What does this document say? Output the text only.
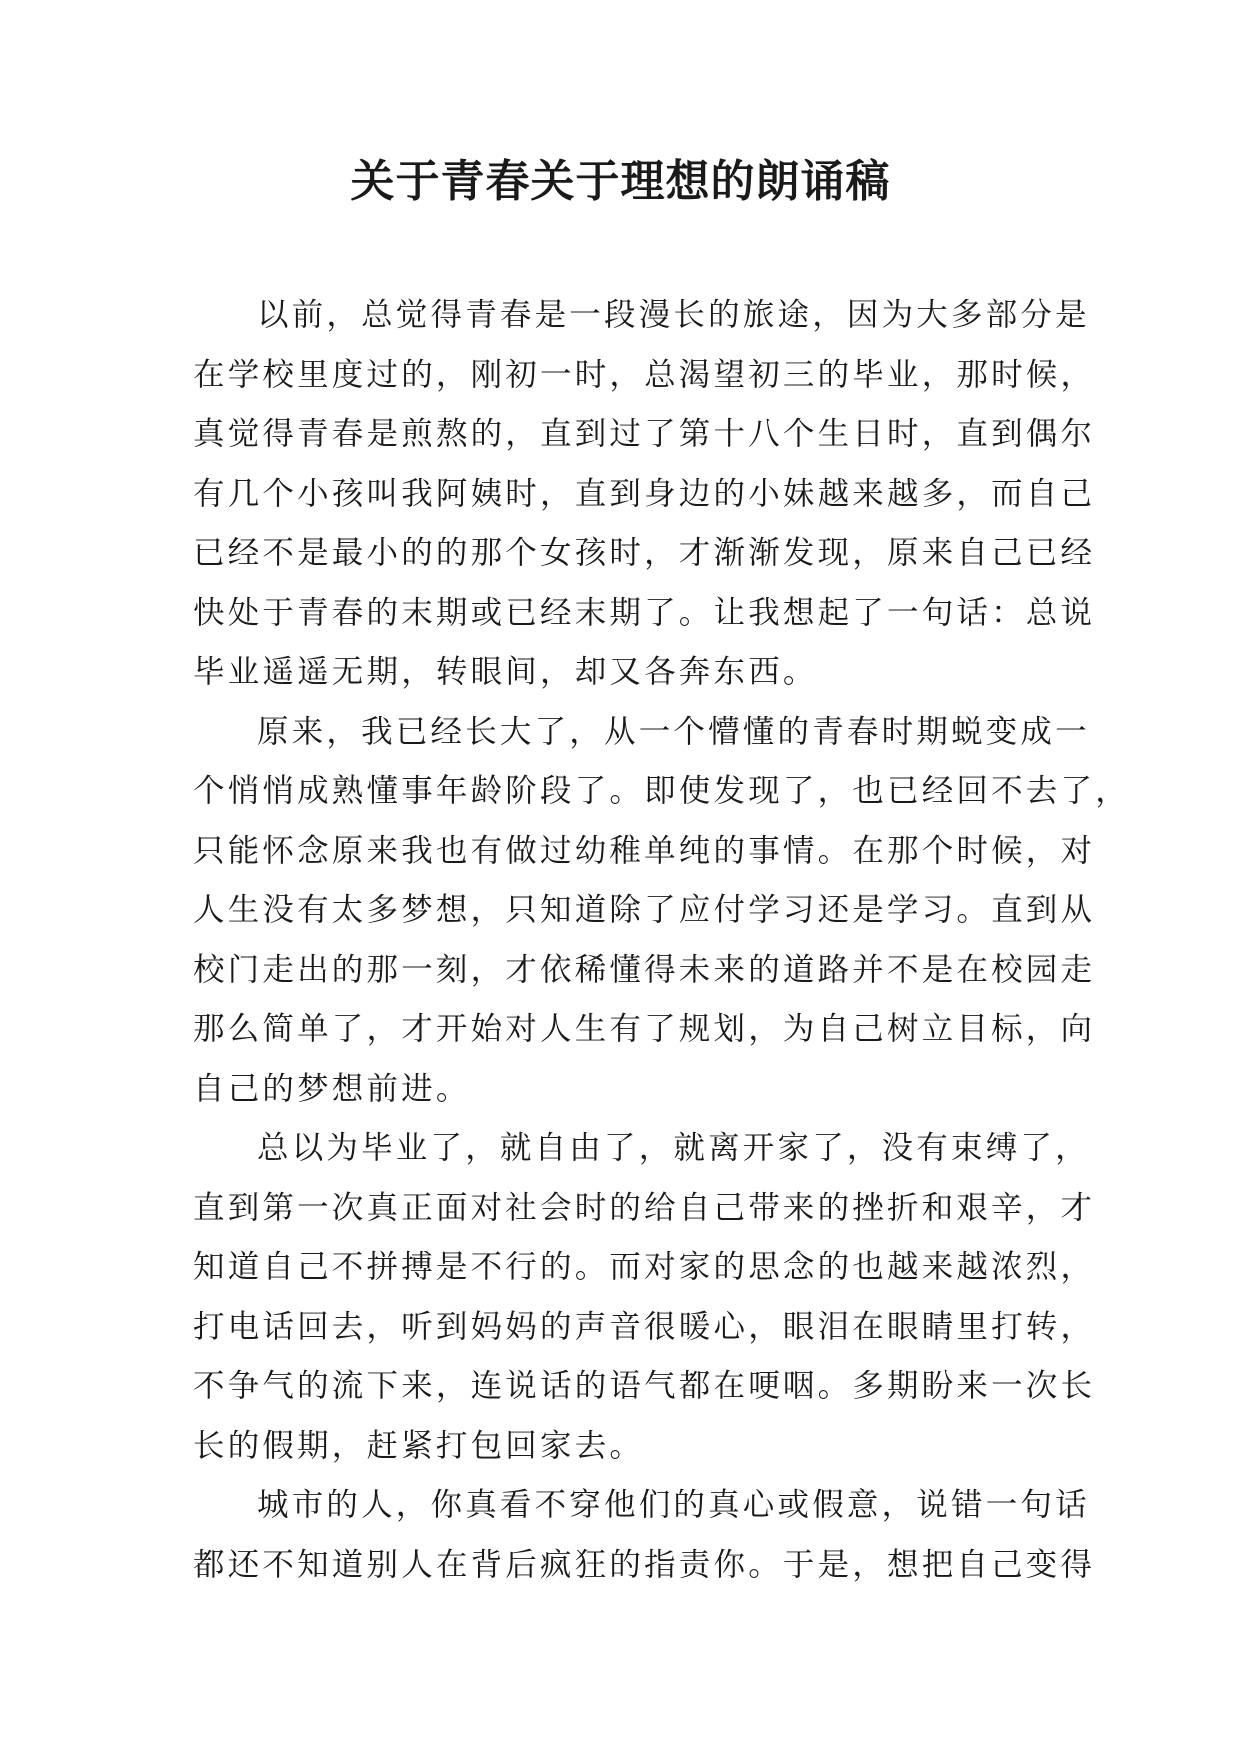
关于青春关于理想的朗诵稿

以前，总觉得青春是一段漫长的旅途，因为大多部分是

在学校里度过的，刚初一时，总渴望初三的毕业，那时候，

真觉得青春是煎熬的，直到过了第十八个生日时，直到偶尔

有几个小孩叫我阿姨时，直到身边的小妹越来越多，而自己

已经不是最小的的那个女孩时，才渐渐发现，原来自己已经

快处于青春的末期或已经末期了。让我想起了一句话：总说

毕业遥遥无期，转眼间，却又各奔东西。

原来，我已经长大了，从一个懵懂的青春时期蜕变成一

个悄悄成熟懂事年龄阶段了。即使发现了，也已经回不去了，

只能怀念原来我也有做过幼稚单纯的事情。在那个时候，对

人生没有太多梦想，只知道除了应付学习还是学习。直到从

校门走出的那一刻，才依稀懂得未来的道路并不是在校园走

那么简单了，才开始对人生有了规划，为自己树立目标，向

自己的梦想前进。

总以为毕业了，就自由了，就离开家了，没有束缚了，

直到第一次真正面对社会时的给自己带来的挫折和艰辛，才

知道自己不拼搏是不行的。而对家的思念的也越来越浓烈，

打电话回去，听到妈妈的声音很暖心，眼泪在眼睛里打转，

不争气的流下来，连说话的语气都在哽咽。多期盼来一次长

长的假期，赶紧打包回家去。

城市的人，你真看不穿他们的真心或假意，说错一句话

都还不知道别人在背后疯狂的指责你。于是，想把自己变得
